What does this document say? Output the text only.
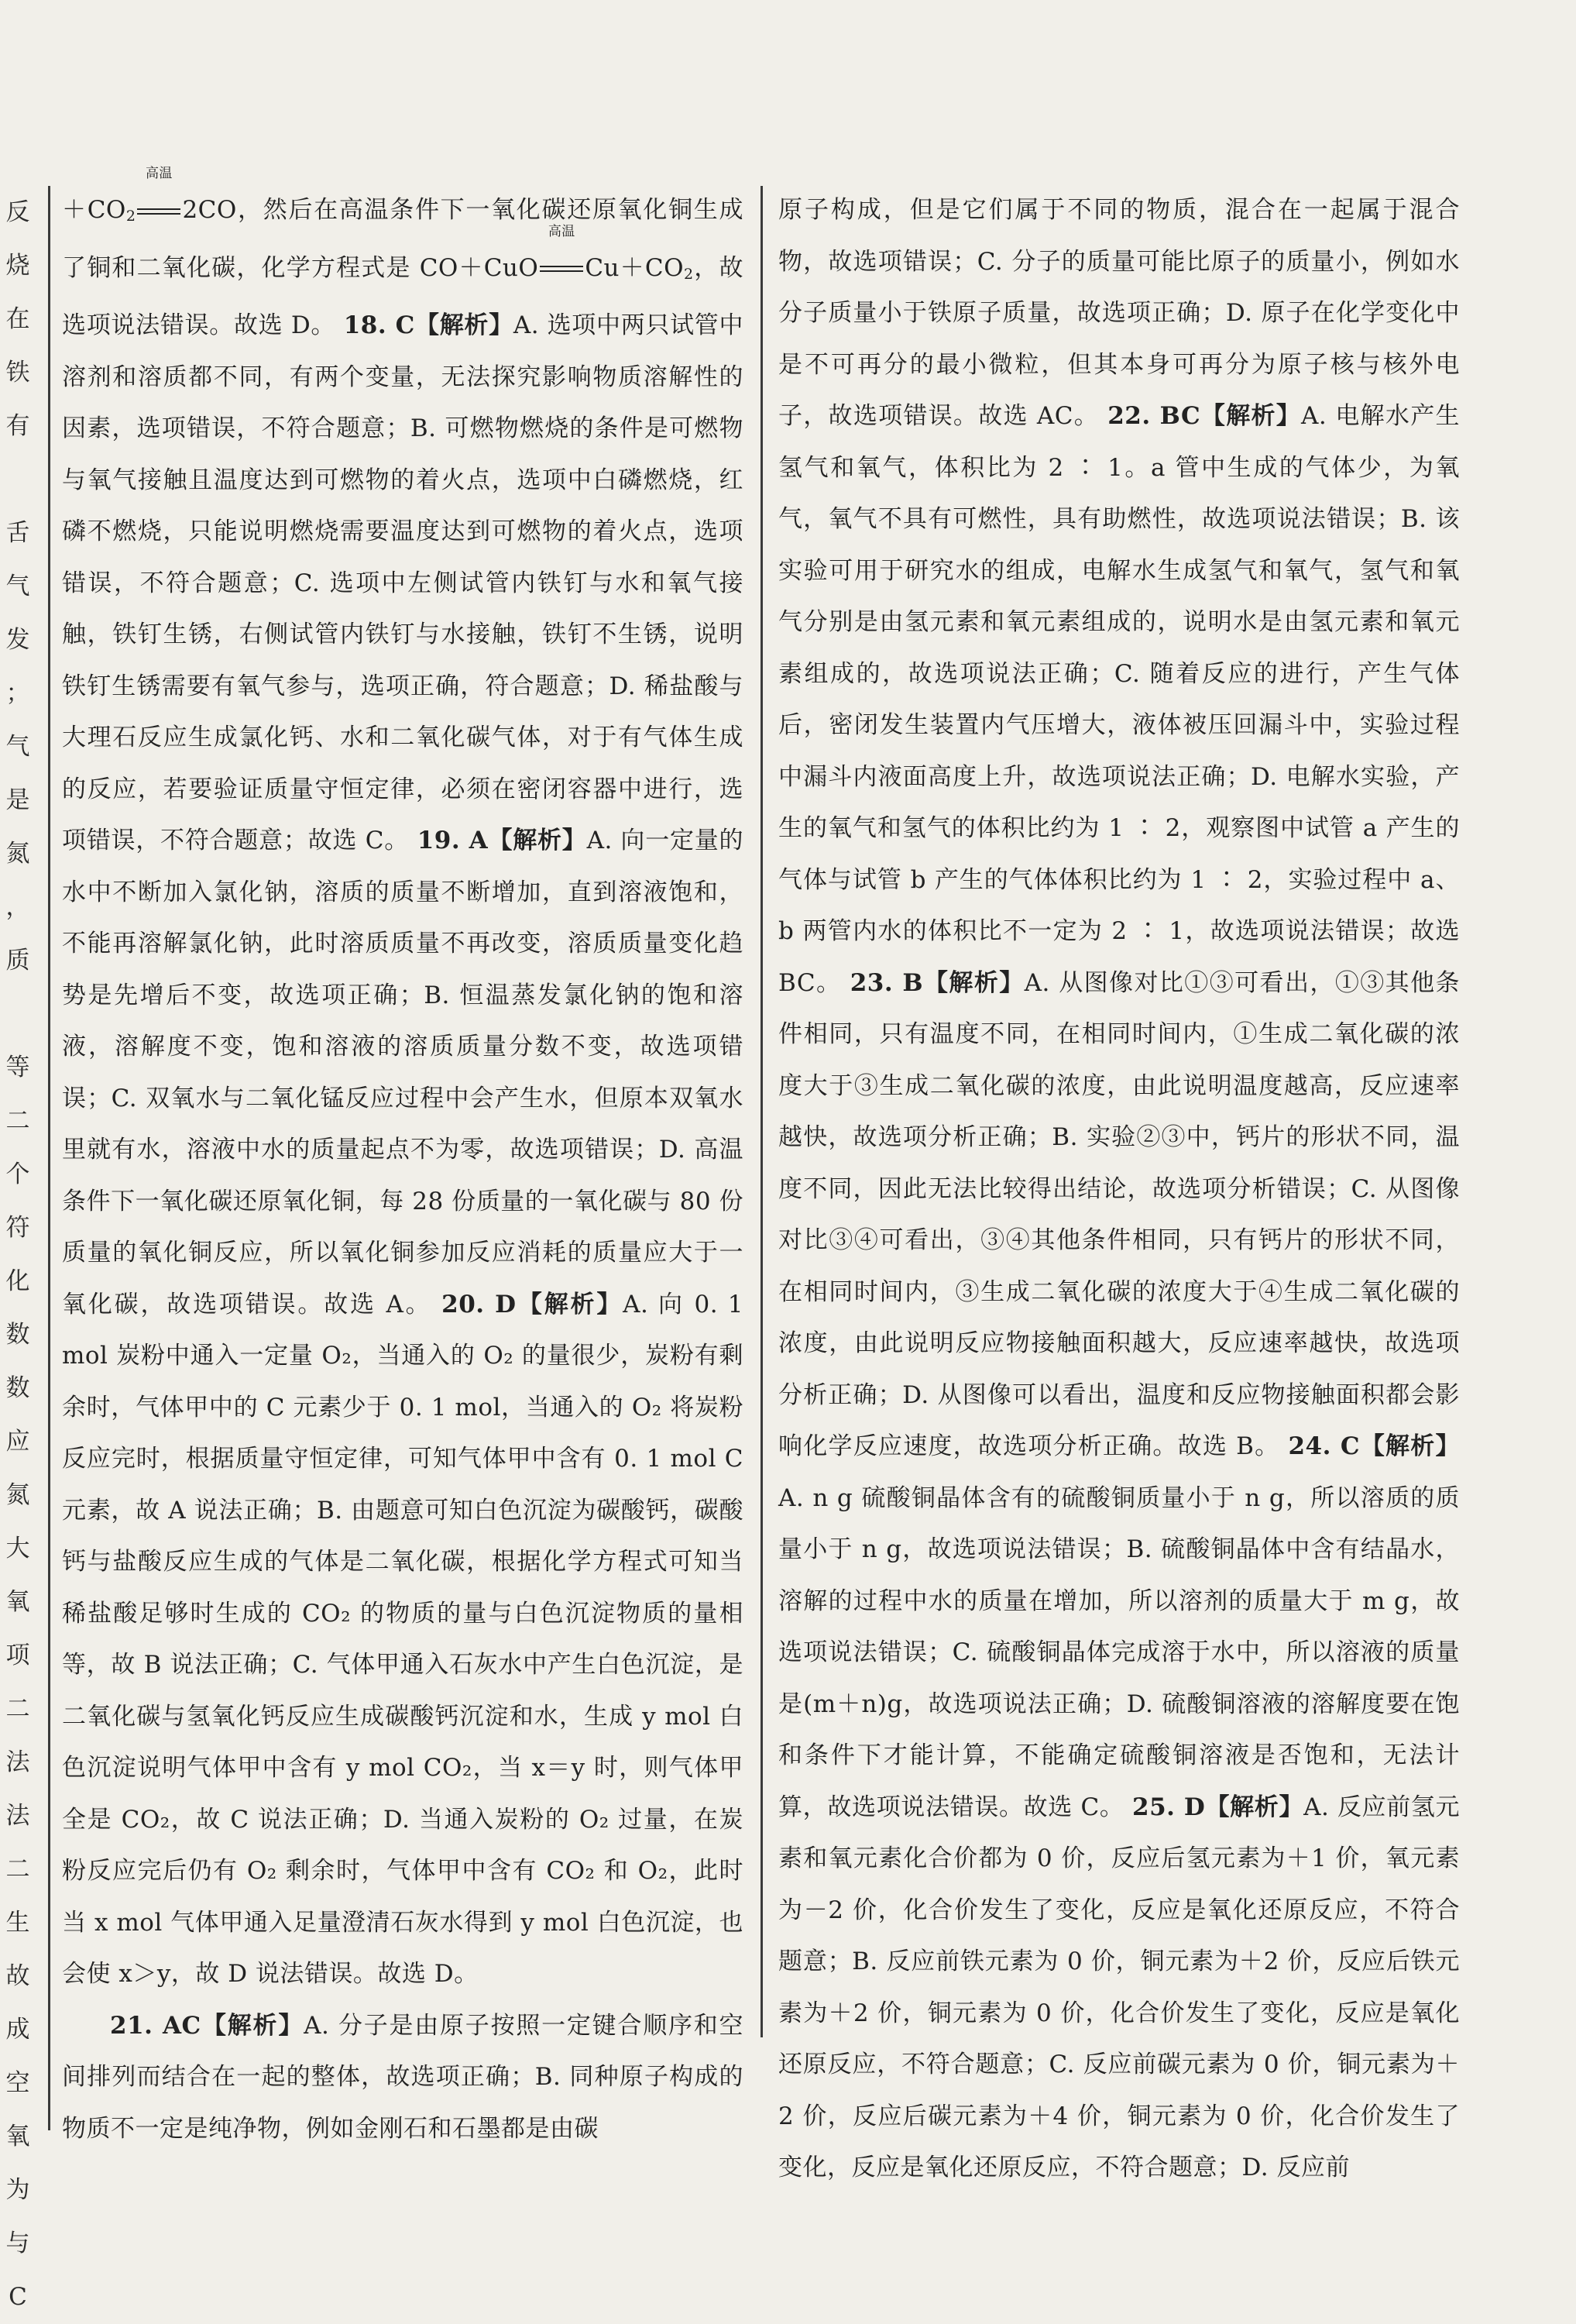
反
烧
在
铁
有
舌
气
发
；
气
是
氮
，
质
等
二
个
符
化
数
数
应
氮
大
氧
项
二
法
法
二
生
故
成
空
氧
为
与
C

$+CO_2$
高温
2CO，然后在高温条件下一氧化碳还原氧化铜生成了铜和二氧化碳，化学方程式是 CO＋CuO
高温
$Cu+CO_2$，故选项说法错误。故选 D。 18. C【解析】A. 选项中两只试管中溶剂和溶质都不同，有两个变量，无法探究影响物质溶解性的因素，选项错误，不符合题意；B. 可燃物燃烧的条件是可燃物与氧气接触且温度达到可燃物的着火点，选项中白磷燃烧，红磷不燃烧，只能说明燃烧需要温度达到可燃物的着火点，选项错误，不符合题意；C. 选项中左侧试管内铁钉与水和氧气接触，铁钉生锈，右侧试管内铁钉与水接触，铁钉不生锈，说明铁钉生锈需要有氧气参与，选项正确，符合题意；D. 稀盐酸与大理石反应生成氯化钙、水和二氧化碳气体，对于有气体生成的反应，若要验证质量守恒定律，必须在密闭容器中进行，选项错误，不符合题意；故选 C。 19. A【解析】A. 向一定量的水中不断加入氯化钠，溶质的质量不断增加，直到溶液饱和，不能再溶解氯化钠，此时溶质质量不再改变，溶质质量变化趋势是先增后不变，故选项正确；B. 恒温蒸发氯化钠的饱和溶液，溶解度不变，饱和溶液的溶质质量分数不变，故选项错误；C. 双氧水与二氧化锰反应过程中会产生水，但原本双氧水里就有水，溶液中水的质量起点不为零，故选项错误；D. 高温条件下一氧化碳还原氧化铜，每 28 份质量的一氧化碳与 80 份质量的氧化铜反应，所以氧化铜参加反应消耗的质量应大于一氧化碳，故选项错误。故选 A。 20. D【解析】A. 向 0. 1 mol 炭粉中通入一定量 O₂，当通入的 O₂ 的量很少，炭粉有剩余时，气体甲中的 C 元素少于 0. 1 mol，当通入的 O₂ 将炭粉反应完时，根据质量守恒定律，可知气体甲中含有 0. 1 mol C 元素，故 A 说法正确；B. 由题意可知白色沉淀为碳酸钙，碳酸钙与盐酸反应生成的气体是二氧化碳，根据化学方程式可知当稀盐酸足够时生成的 CO₂ 的物质的量与白色沉淀物质的量相等，故 B 说法正确；C. 气体甲通入石灰水中产生白色沉淀，是二氧化碳与氢氧化钙反应生成碳酸钙沉淀和水，生成 y mol 白色沉淀说明气体甲中含有 y mol CO₂，当 x＝y 时，则气体甲全是 CO₂，故 C 说法正确；D. 当通入炭粉的 O₂ 过量，在炭粉反应完后仍有 O₂ 剩余时，气体甲中含有 CO₂ 和 O₂，此时当 x mol 气体甲通入足量澄清石灰水得到 y mol 白色沉淀，也会使 x＞y，故 D 说法错误。故选 D。

21. AC【解析】A. 分子是由原子按照一定键合顺序和空间排列而结合在一起的整体，故选项正确；B. 同种原子构成的物质不一定是纯净物，例如金刚石和石墨都是由碳

原子构成，但是它们属于不同的物质，混合在一起属于混合物，故选项错误；C. 分子的质量可能比原子的质量小，例如水分子质量小于铁原子质量，故选项正确；D. 原子在化学变化中是不可再分的最小微粒，但其本身可再分为原子核与核外电子，故选项错误。故选 AC。 22. BC【解析】A. 电解水产生氢气和氧气，体积比为 2 ∶ 1。a 管中生成的气体少，为氧气，氧气不具有可燃性，具有助燃性，故选项说法错误；B. 该实验可用于研究水的组成，电解水生成氢气和氧气，氢气和氧气分别是由氢元素和氧元素组成的，说明水是由氢元素和氧元素组成的，故选项说法正确；C. 随着反应的进行，产生气体后，密闭发生装置内气压增大，液体被压回漏斗中，实验过程中漏斗内液面高度上升，故选项说法正确；D. 电解水实验，产生的氧气和氢气的体积比约为 1 ∶ 2，观察图中试管 a 产生的气体与试管 b 产生的气体体积比约为 1 ∶ 2，实验过程中 a、b 两管内水的体积比不一定为 2 ∶ 1，故选项说法错误；故选 BC。 23. B【解析】A. 从图像对比①③可看出，①③其他条件相同，只有温度不同，在相同时间内，①生成二氧化碳的浓度大于③生成二氧化碳的浓度，由此说明温度越高，反应速率越快，故选项分析正确；B. 实验②③中，钙片的形状不同，温度不同，因此无法比较得出结论，故选项分析错误；C. 从图像对比③④可看出，③④其他条件相同，只有钙片的形状不同，在相同时间内，③生成二氧化碳的浓度大于④生成二氧化碳的浓度，由此说明反应物接触面积越大，反应速率越快，故选项分析正确；D. 从图像可以看出，温度和反应物接触面积都会影响化学反应速度，故选项分析正确。故选 B。 24. C【解析】A. n g 硫酸铜晶体含有的硫酸铜质量小于 n g，所以溶质的质量小于 n g，故选项说法错误；B. 硫酸铜晶体中含有结晶水，溶解的过程中水的质量在增加，所以溶剂的质量大于 m g，故选项说法错误；C. 硫酸铜晶体完成溶于水中，所以溶液的质量是(m＋n)g，故选项说法正确；D. 硫酸铜溶液的溶解度要在饱和条件下才能计算，不能确定硫酸铜溶液是否饱和，无法计算，故选项说法错误。故选 C。 25. D【解析】A. 反应前氢元素和氧元素化合价都为 0 价，反应后氢元素为＋1 价，氧元素为－2 价，化合价发生了变化，反应是氧化还原反应，不符合题意；B. 反应前铁元素为 0 价，铜元素为＋2 价，反应后铁元素为＋2 价，铜元素为 0 价，化合价发生了变化，反应是氧化还原反应，不符合题意；C. 反应前碳元素为 0 价，铜元素为＋2 价，反应后碳元素为＋4 价，铜元素为 0 价，化合价发生了变化，反应是氧化还原反应，不符合题意；D. 反应前
